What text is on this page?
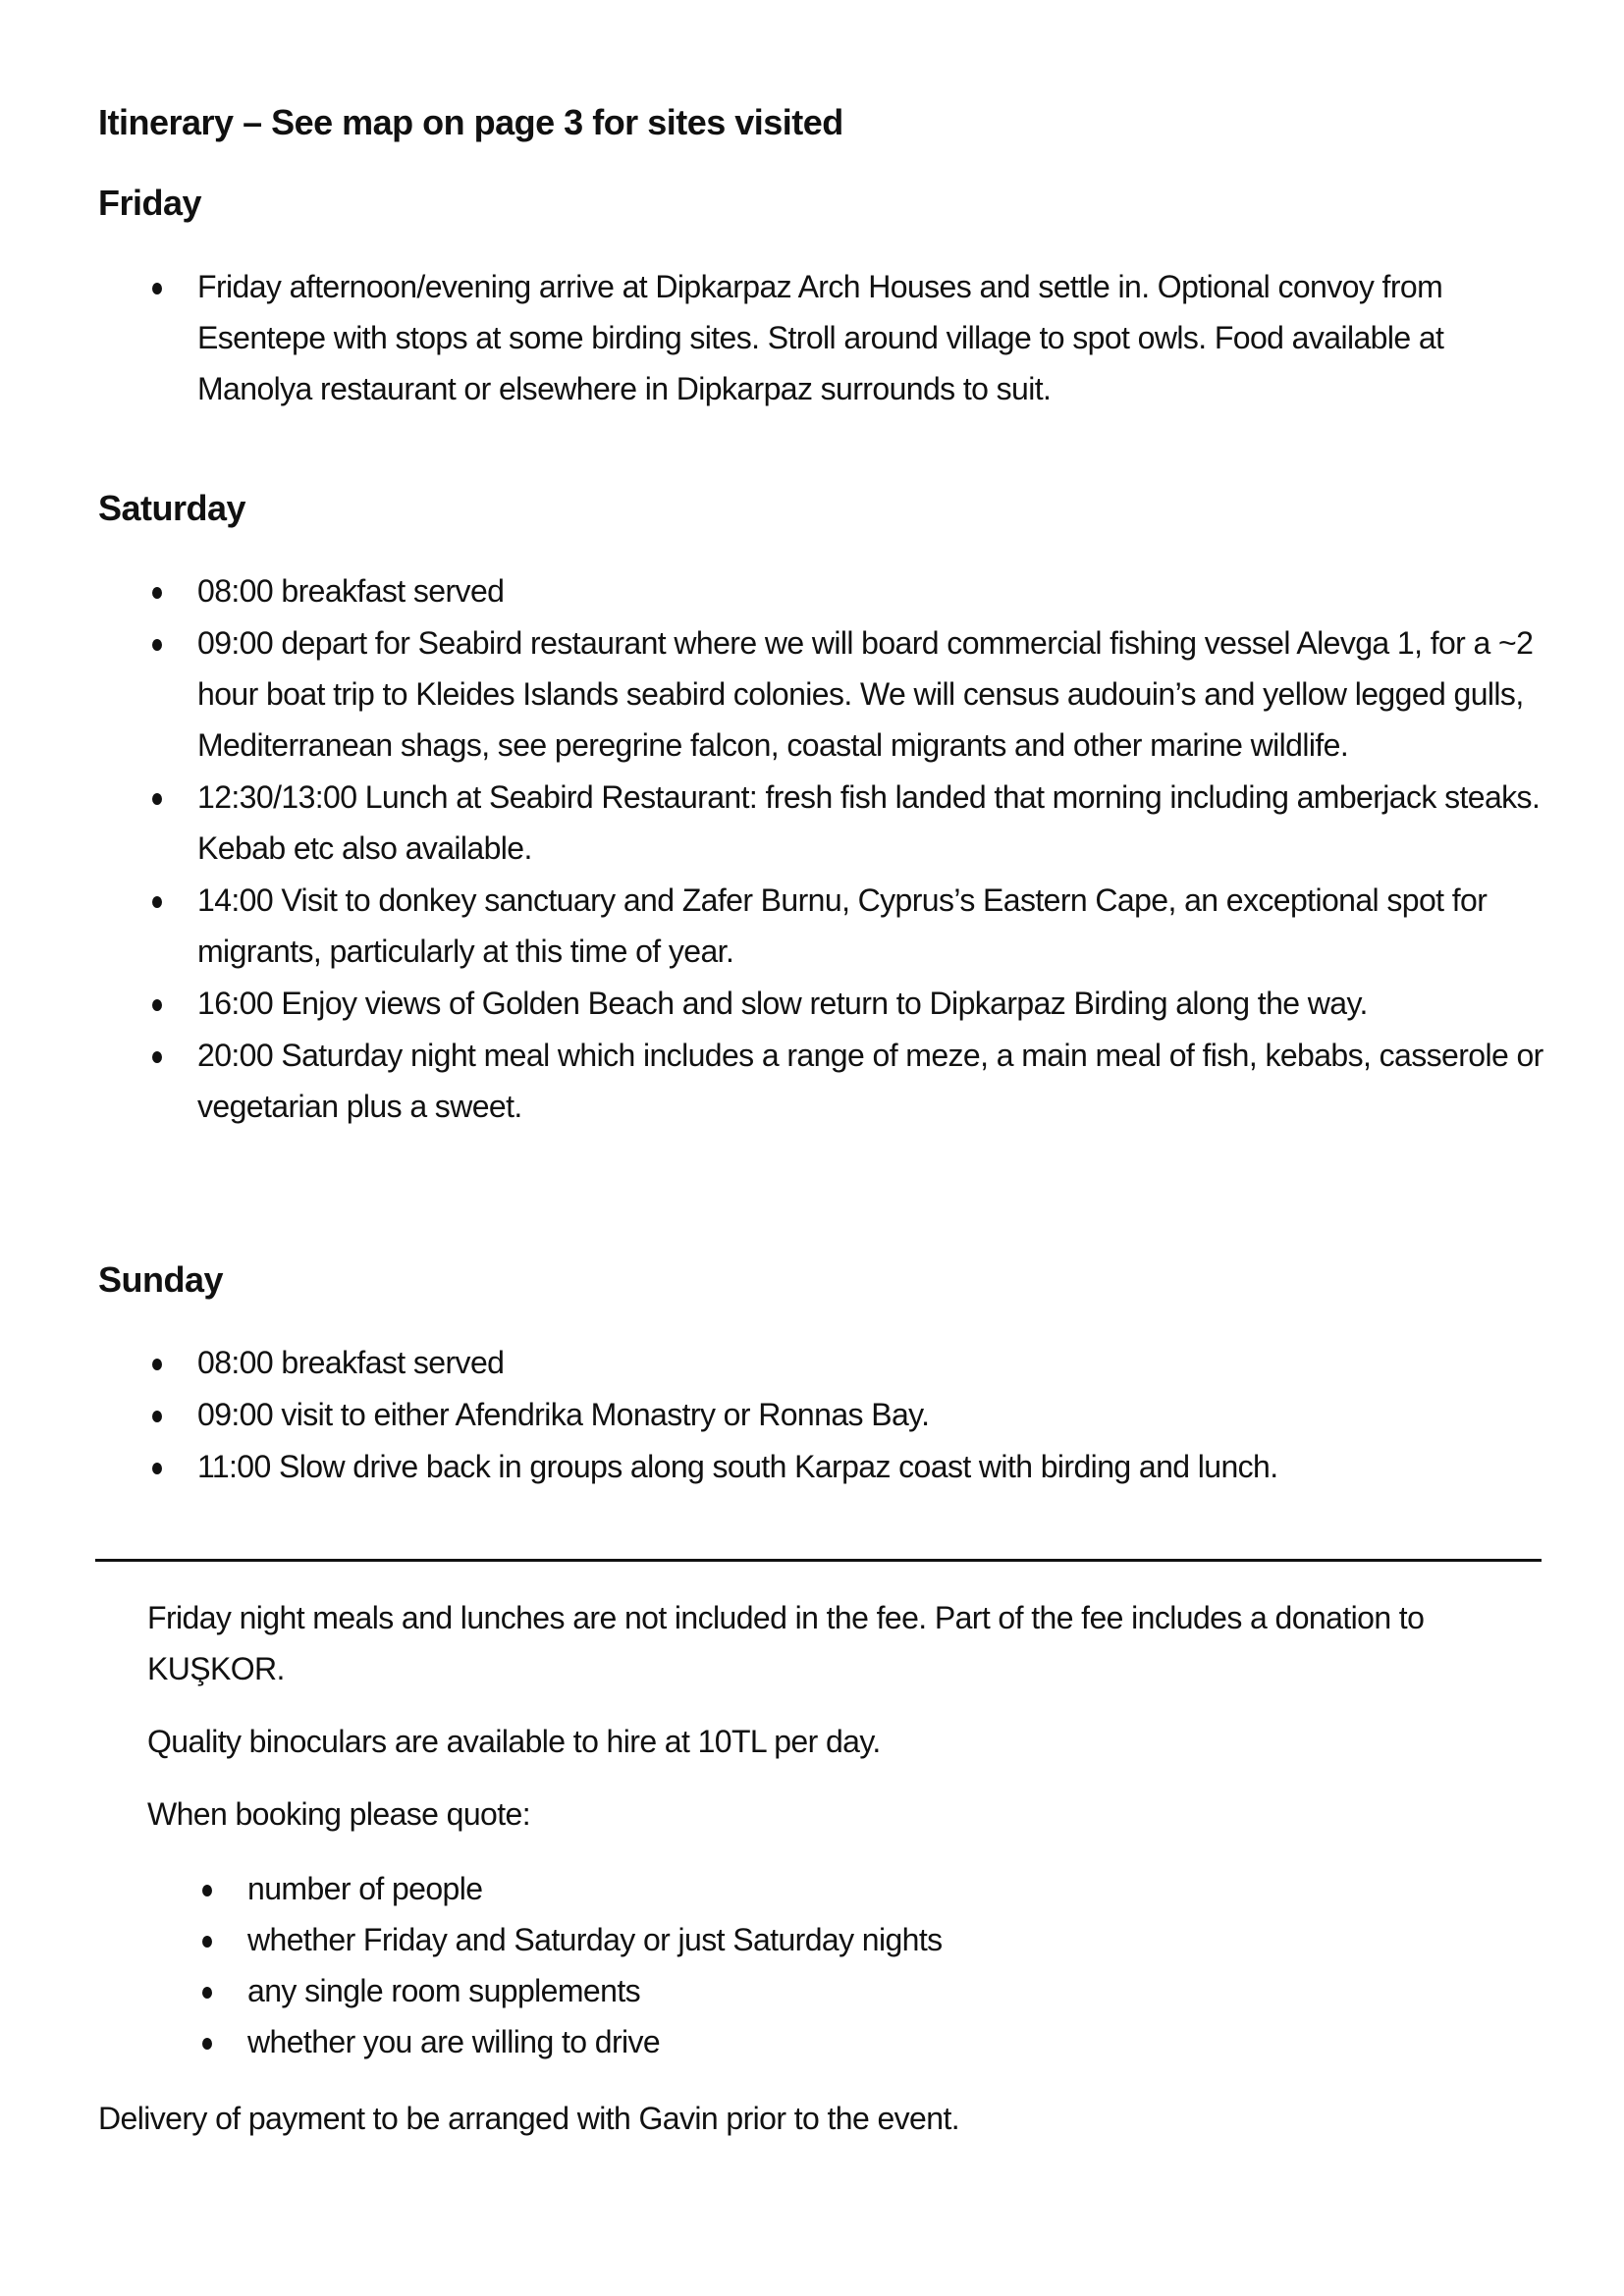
Itinerary – See map on page 3 for sites visited
Friday
Friday afternoon/evening arrive at Dipkarpaz Arch Houses and settle in. Optional convoy from Esentepe with stops at some birding sites. Stroll around village to spot owls. Food available at Manolya restaurant or elsewhere in Dipkarpaz surrounds to suit.
Saturday
08:00 breakfast served
09:00 depart for Seabird restaurant where we will board commercial fishing vessel Alevga 1, for a ~2 hour boat trip to Kleides Islands seabird colonies. We will census audouin’s and yellow legged gulls, Mediterranean shags, see peregrine falcon, coastal migrants and other marine wildlife.
12:30/13:00 Lunch at Seabird Restaurant: fresh fish landed that morning including amberjack steaks. Kebab etc also available.
14:00 Visit to donkey sanctuary and Zafer Burnu, Cyprus’s Eastern Cape, an exceptional spot for migrants, particularly at this time of year.
16:00 Enjoy views of Golden Beach and slow return to Dipkarpaz Birding along the way.
20:00 Saturday night meal which includes a range of meze, a main meal of fish, kebabs, casserole or vegetarian plus a sweet.
Sunday
08:00 breakfast served
09:00 visit to either Afendrika Monastry or Ronnas Bay.
11:00 Slow drive back in groups along south Karpaz coast with birding and lunch.
Friday night meals and lunches are not included in the fee. Part of the fee includes a donation to KUŞKOR.
Quality binoculars are available to hire at 10TL per day.
When booking please quote:
number of people
whether Friday and Saturday or just Saturday nights
any single room supplements
whether you are willing to drive
Delivery of payment to be arranged with Gavin prior to the event.
